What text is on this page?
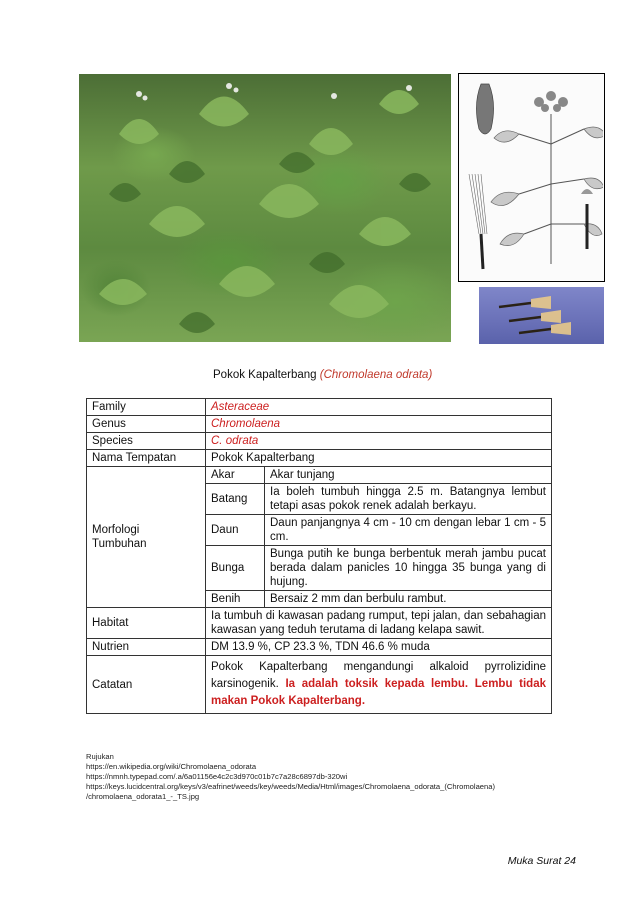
Pokok Kapalterbang (Chromolaena odrata)
Family	Asteraceae
Genus	Chromolaena
Species	C. odrata
Nama Tempatan	Pokok Kapalterbang

Morfologi
Tumbuhan

Akar	Akar tunjang
Batang	Ia boleh tumbuh hingga 2.5 m. Batangnya lembut tetapi asas pokok renek adalah berkayu.
Daun	Daun panjangnya 4 cm - 10 cm dengan lebar 1 cm - 5 cm.
Bunga	Bunga putih ke bunga berbentuk merah jambu pucat berada dalam panicles 10 hingga 35 bunga yang di hujung.
Benih	Bersaiz 2 mm dan berbulu rambut.

Habitat	Ia tumbuh di kawasan padang rumput, tepi jalan, dan sebahagian kawasan yang teduh terutama di ladang kelapa sawit.
Nutrien	DM 13.9 %, CP 23.3 %, TDN 46.6 % muda
Catatan	Pokok Kapalterbang mengandungi alkaloid pyrrolizidine karsinogenik. Ia adalah toksik kepada lembu. Lembu tidak makan Pokok Kapalterbang.
Rujukan
https://en.wikipedia.org/wiki/Chromolaena_odorata
https://nmnh.typepad.com/.a/6a01156e4c2c3d970c01b7c7a28c6897db-320wi
https://keys.lucidcentral.org/keys/v3/eafrinet/weeds/key/weeds/Media/Html/images/Chromolaena_odorata_(Chromolaena)
/chromolaena_odorata1_-_TS.jpg
Muka Surat 24
